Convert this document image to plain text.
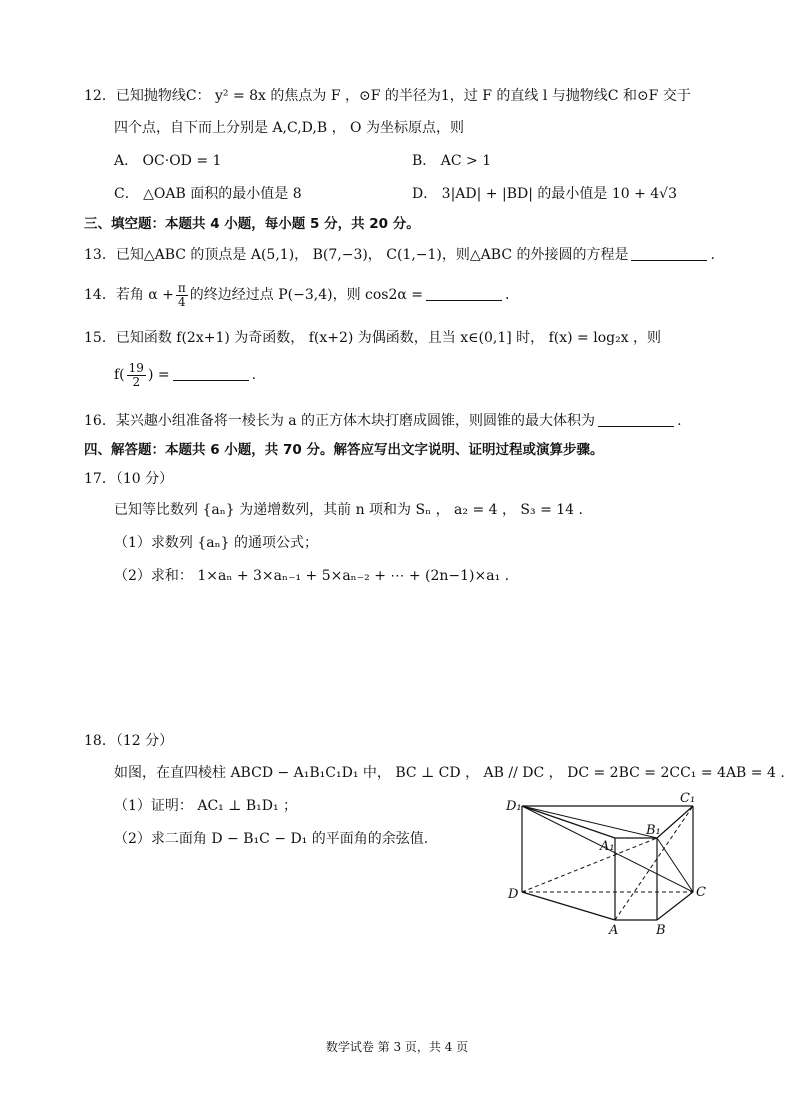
12．已知抛物线C： y² = 8x 的焦点为 F ，⊙F 的半径为1，过 F 的直线 l 与抛物线C 和⊙F 交于
四个点，自下而上分别是 A,C,D,B ， O 为坐标原点，则
A． OC·OD = 1	B． AC > 1
C． △OAB 面积的最小值是 8	D． 3|AD| + |BD| 的最小值是 10 + 4√3
三、填空题：本题共 4 小题，每小题 5 分，共 20 分。
13．已知△ABC 的顶点是 A(5,1)， B(7,−3)， C(1,−1)，则△ABC 的外接圆的方程是	.
14．若角 $\alpha + \frac{\pi}{4}$ 的终边经过点 P(−3,4)，则 cos2α =	.
15．已知函数 f(2x+1) 为奇函数， f(x+2) 为偶函数，且当 x∈(0,1] 时， f(x) = log₂x ，则
$f( \frac{19}{2}$ ) =	.
16．某兴趣小组准备将一棱长为 a 的正方体木块打磨成圆锥，则圆锥的最大体积为	.
四、解答题：本题共 6 小题，共 70 分。解答应写出文字说明、证明过程或演算步骤。
17．（10 分）
已知等比数列 {aₙ} 为递增数列，其前 n 项和为 Sₙ ， a₂ = 4 ， S₃ = 14 .
（1）求数列 {aₙ} 的通项公式；
（2）求和： 1×aₙ + 3×aₙ₋₁ + 5×aₙ₋₂ + ⋯ + (2n−1)×a₁ .
18．（12 分）
如图，在直四棱柱 ABCD − A₁B₁C₁D₁ 中， BC ⊥ CD ， AB // DC ， DC = 2BC = 2CC₁ = 4AB = 4 .
（1）证明： AC₁ ⊥ B₁D₁ ；
（2）求二面角 D − B₁C − D₁ 的平面角的余弦值.
D₁
C₁
B₁
A₁
D	C
A	B
数学试卷 第 3 页，共 4 页
